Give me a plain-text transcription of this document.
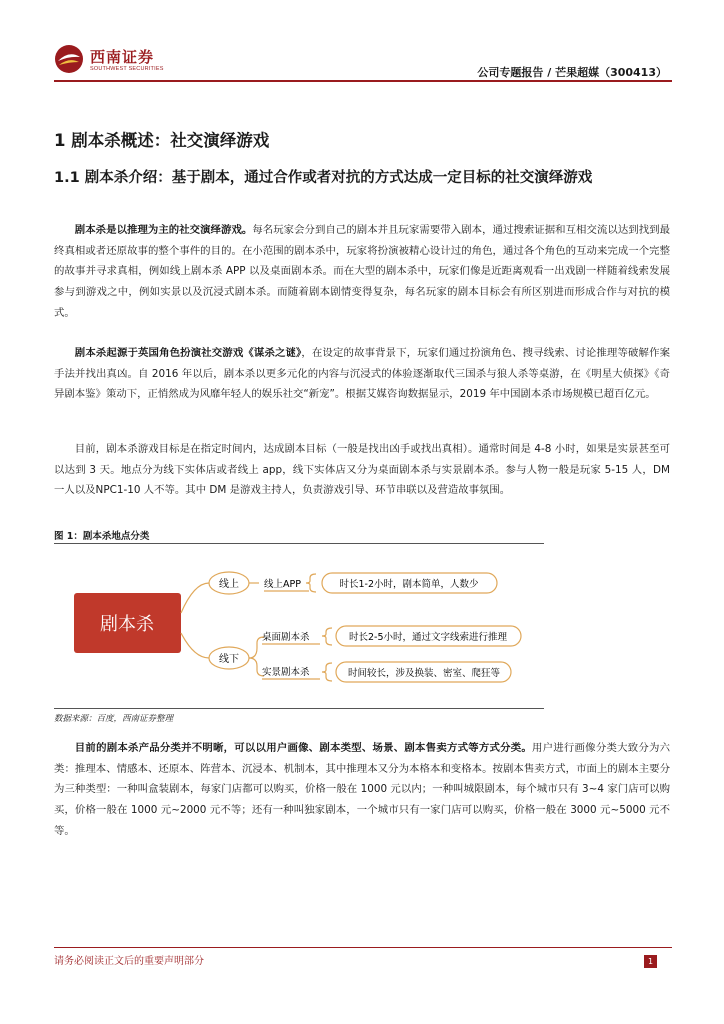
西南证券
SOUTHWEST SECURITIES	公司专题报告 / 芒果超媒（300413）
1 剧本杀概述：社交演绎游戏
1.1 剧本杀介绍：基于剧本，通过合作或者对抗的方式达成一定目标的社交演绎游戏
剧本杀是以推理为主的社交演绎游戏。每名玩家会分到自己的剧本并且玩家需要带入剧本，通过搜索证据和互相交流以达到找到最终真相或者还原故事的整个事件的目的。在小范围的剧本杀中，玩家将扮演被精心设计过的角色，通过各个角色的互动来完成一个完整的故事并寻求真相，例如线上剧本杀 APP 以及桌面剧本杀。而在大型的剧本杀中，玩家们像是近距离观看一出戏剧一样随着线索发展参与到游戏之中，例如实景以及沉浸式剧本杀。而随着剧本剧情变得复杂，每名玩家的剧本目标会有所区别进而形成合作与对抗的模式。
剧本杀起源于英国角色扮演社交游戏《谋杀之谜》，在设定的故事背景下，玩家们通过扮演角色、搜寻线索、讨论推理等破解作案手法并找出真凶。自 2016 年以后，剧本杀以更多元化的内容与沉浸式的体验逐渐取代三国杀与狼人杀等桌游，在《明星大侦探》《奇异剧本鉴》策动下，正悄然成为风靡年轻人的娱乐社交“新宠”。根据艾媒咨询数据显示，2019 年中国剧本杀市场规模已超百亿元。
目前，剧本杀游戏目标是在指定时间内，达成剧本目标（一般是找出凶手或找出真相）。通常时间是 4-8 小时，如果是实景甚至可以达到 3 天。地点分为线下实体店或者线上 app，线下实体店又分为桌面剧本杀与实景剧本杀。参与人物一般是玩家 5-15 人，DM 一人以及NPC1-10 人不等。其中 DM 是游戏主持人，负责游戏引导、环节串联以及营造故事氛围。
图 1：剧本杀地点分类
剧本杀
线上	线上APP	时长1-2小时，剧本简单，人数少
线下
桌面剧本杀	时长2-5小时，通过文字线索进行推理
实景剧本杀	时间较长，涉及换装、密室、爬狂等
数据来源：百度，西南证券整理
目前的剧本杀产品分类并不明晰，可以以用户画像、剧本类型、场景、剧本售卖方式等方式分类。用户进行画像分类大致分为六类：推理本、情感本、还原本、阵营本、沉浸本、机制本，其中推理本又分为本格本和变格本。按剧本售卖方式，市面上的剧本主要分为三种类型：一种叫盒装剧本，每家门店都可以购买，价格一般在 1000 元以内；一种叫城限剧本，每个城市只有 3~4 家门店可以购买，价格一般在 1000 元~2000 元不等；还有一种叫独家剧本，一个城市只有一家门店可以购买，价格一般在 3000 元~5000 元不等。
请务必阅读正文后的重要声明部分	1
